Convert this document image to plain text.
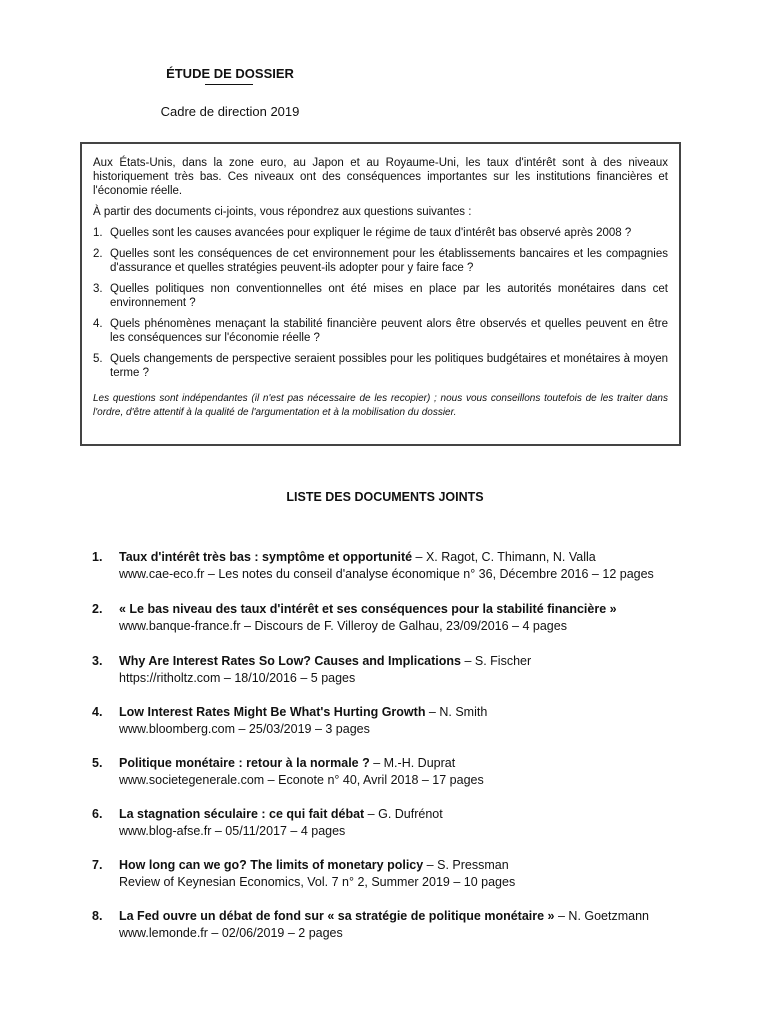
ÉTUDE DE DOSSIER
Cadre de direction 2019

Aux États-Unis, dans la zone euro, au Japon et au Royaume-Uni, les taux d'intérêt sont à des niveaux historiquement très bas. Ces niveaux ont des conséquences importantes sur les institutions financières et l'économie réelle.

À partir des documents ci-joints, vous répondrez aux questions suivantes :

1. Quelles sont les causes avancées pour expliquer le régime de taux d'intérêt bas observé après 2008 ?
2. Quelles sont les conséquences de cet environnement pour les établissements bancaires et les compagnies d'assurance et quelles stratégies peuvent-ils adopter pour y faire face ?
3. Quelles politiques non conventionnelles ont été mises en place par les autorités monétaires dans cet environnement ?
4. Quels phénomènes menaçant la stabilité financière peuvent alors être observés et quelles peuvent en être les conséquences sur l'économie réelle ?
5. Quels changements de perspective seraient possibles pour les politiques budgétaires et monétaires à moyen terme ?

Les questions sont indépendantes (il n'est pas nécessaire de les recopier) ; nous vous conseillons toutefois de les traiter dans l'ordre, d'être attentif à la qualité de l'argumentation et à la mobilisation du dossier.

LISTE DES DOCUMENTS JOINTS
1. Taux d'intérêt très bas : symptôme et opportunité – X. Ragot, C. Thimann, N. Valla
www.cae-eco.fr – Les notes du conseil d'analyse économique n° 36, Décembre 2016 – 12 pages
2. « Le bas niveau des taux d'intérêt et ses conséquences pour la stabilité financière »
www.banque-france.fr – Discours de F. Villeroy de Galhau, 23/09/2016 – 4 pages
3. Why Are Interest Rates So Low? Causes and Implications – S. Fischer
https://ritholtz.com – 18/10/2016 – 5 pages
4. Low Interest Rates Might Be What's Hurting Growth – N. Smith
www.bloomberg.com – 25/03/2019 – 3 pages
5. Politique monétaire : retour à la normale ? – M.-H. Duprat
www.societegenerale.com – Econote n° 40, Avril 2018 – 17 pages
6. La stagnation séculaire : ce qui fait débat – G. Dufrénot
www.blog-afse.fr – 05/11/2017 – 4 pages
7. How long can we go? The limits of monetary policy – S. Pressman
Review of Keynesian Economics, Vol. 7 n° 2, Summer 2019 – 10 pages
8. La Fed ouvre un débat de fond sur « sa stratégie de politique monétaire » – N. Goetzmann
www.lemonde.fr – 02/06/2019 – 2 pages
